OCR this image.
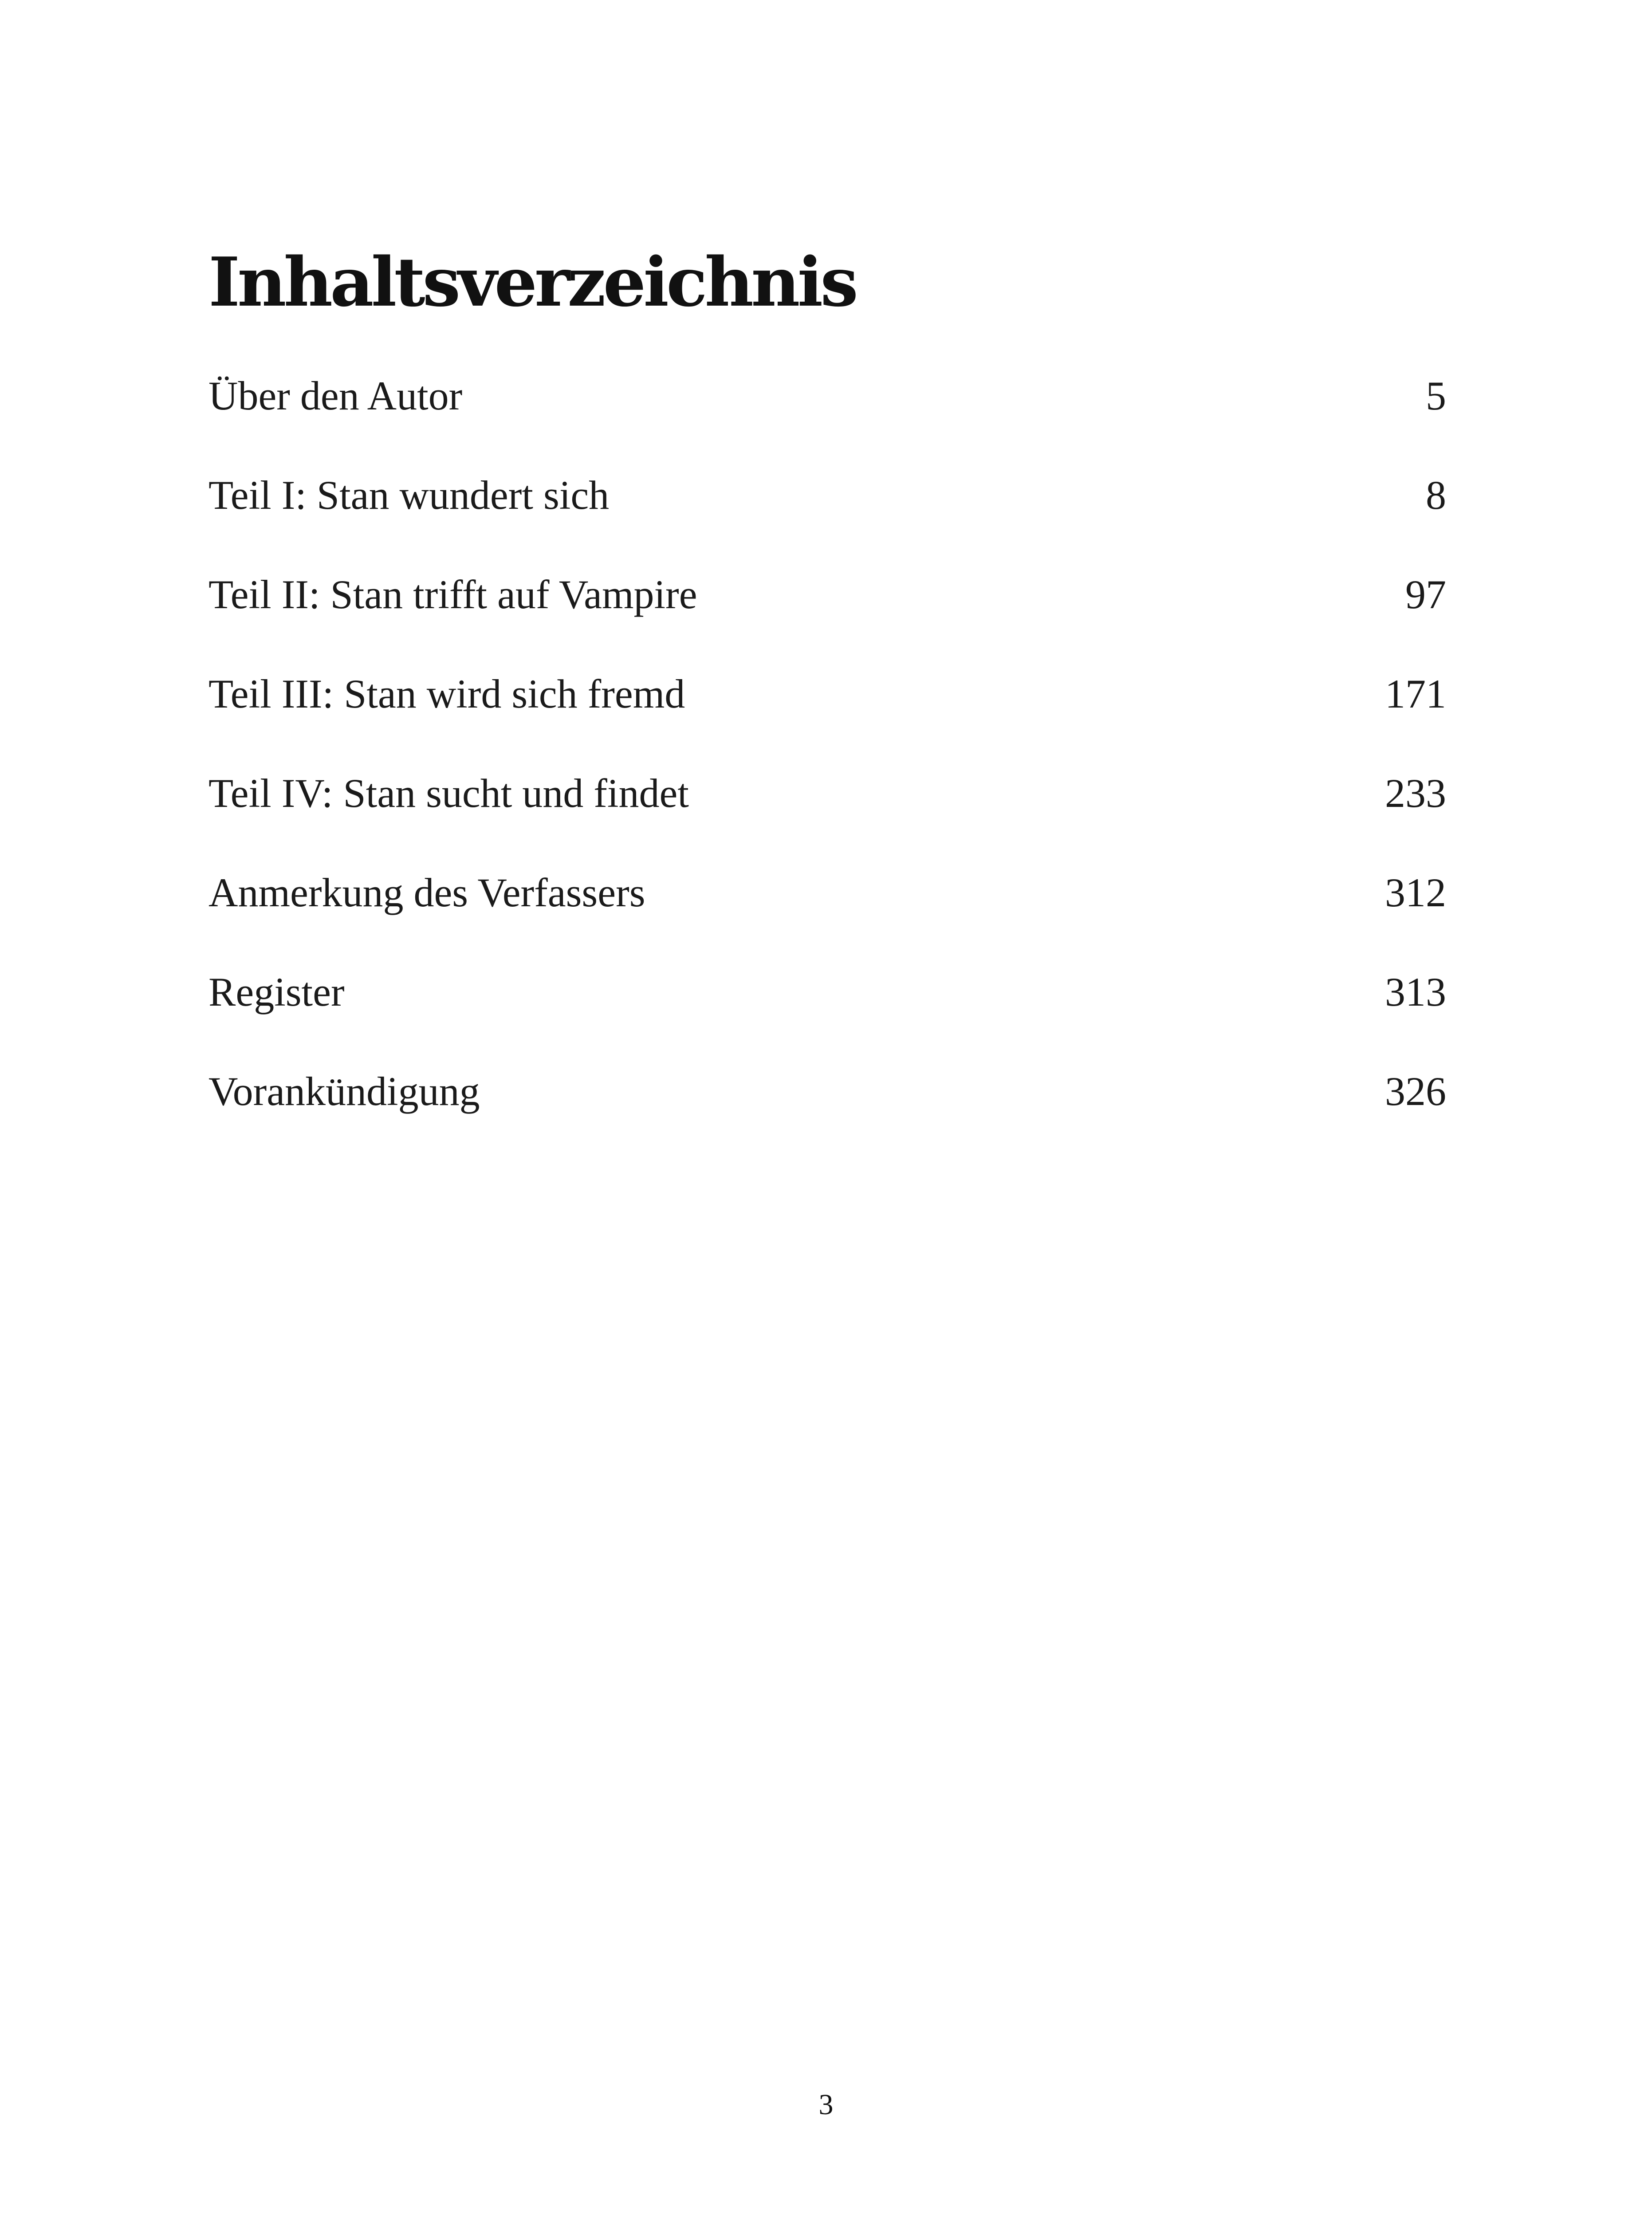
Inhaltsverzeichnis
Über den Autor	5
Teil I: Stan wundert sich	8
Teil II: Stan trifft auf Vampire	97
Teil III: Stan wird sich fremd	171
Teil IV: Stan sucht und findet	233
Anmerkung des Verfassers	312
Register	313
Vorankündigung	326
3
